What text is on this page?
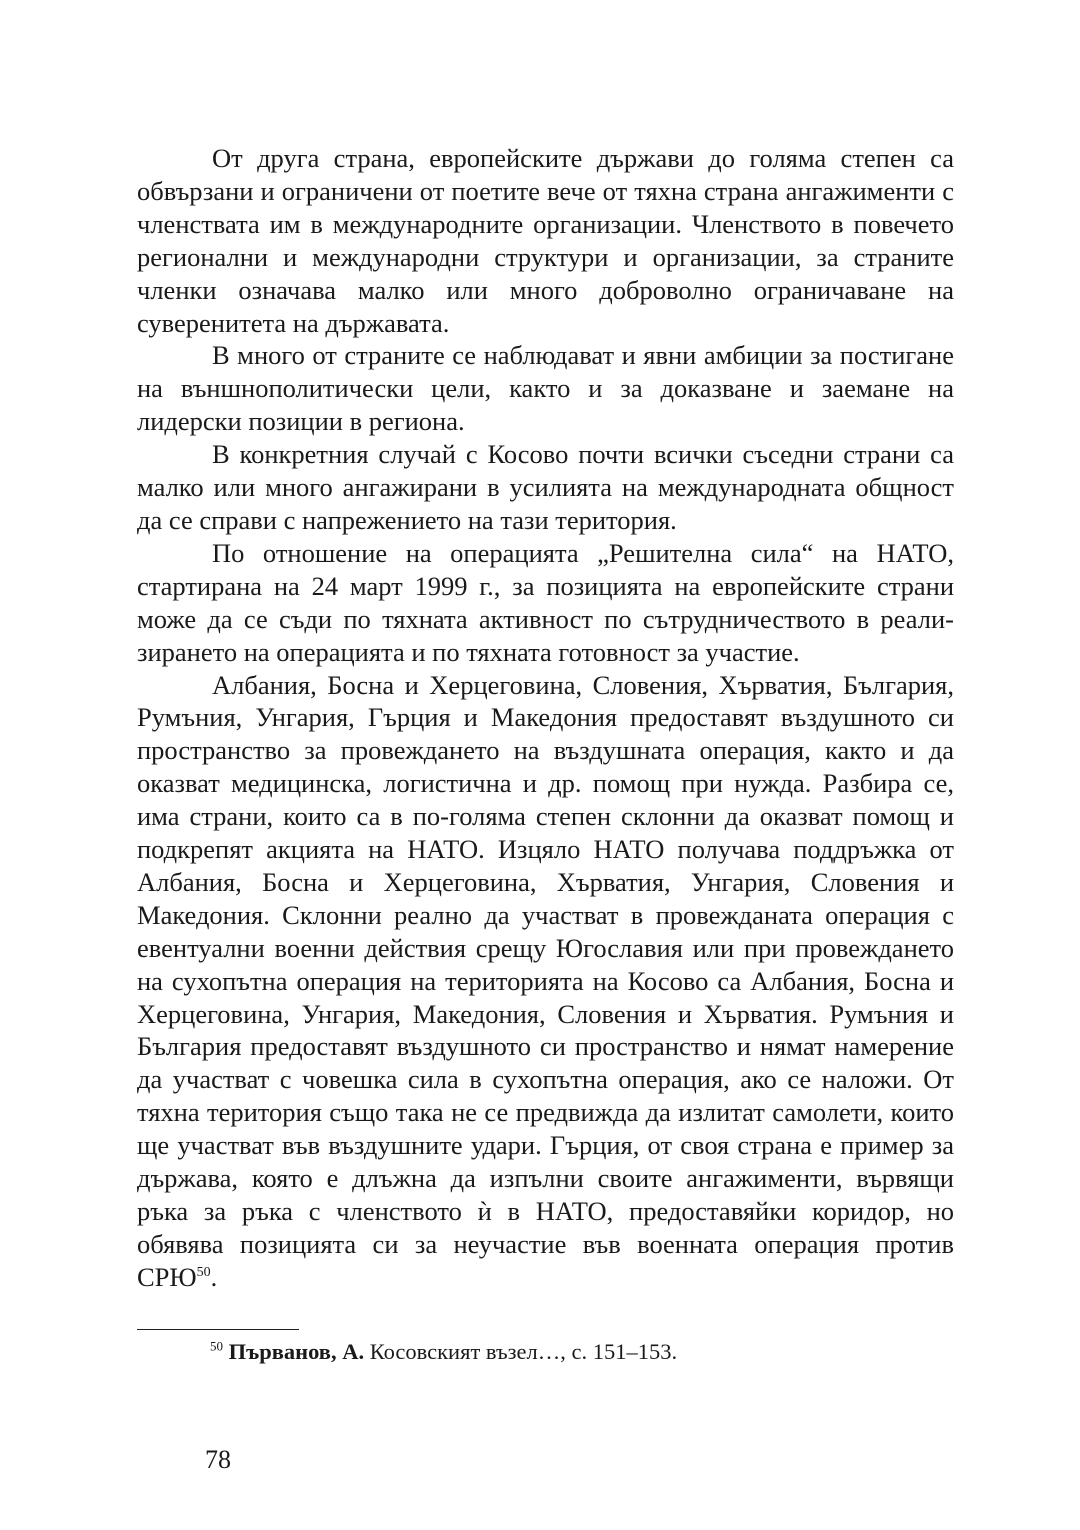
От друга страна, европейските държави до голяма степен са обвързани и ограничени от поетите вече от тяхна страна ангажименти с членствата им в международните организации. Членството в повечето регионални и международни структури и организации, за страните членки означава малко или много доброволно ограничаване на суверенитета на държавата.

В много от страните се наблюдават и явни амбиции за постигане на външнополитически цели, както и за доказване и заемане на лидерски позиции в региона.

В конкретния случай с Косово почти всички съседни страни са малко или много ангажирани в усилията на международната общност да се справи с напрежението на тази територия.

По отношение на операцията „Решителна сила“ на НАТО, стартирана на 24 март 1999 г., за позицията на европейските страни може да се съди по тяхната активност по сътрудничеството в реализирането на операцията и по тяхната готовност за участие.

Албания, Босна и Херцеговина, Словения, Хърватия, България, Румъния, Унгария, Гърция и Македония предоставят въздушното си пространство за провеждането на въздушната операция, както и да оказват медицинска, логистична и др. помощ при нужда. Разбира се, има страни, които са в по-голяма степен склонни да оказват помощ и подкрепят акцията на НАТО. Изцяло НАТО получава поддръжка от Албания, Босна и Херцеговина, Хърватия, Унгария, Словения и Македония. Склонни реално да участват в провежданата операция с евентуални военни действия срещу Югославия или при провеждането на сухопътна операция на територията на Косово са Албания, Босна и Херцеговина, Унгария, Македония, Словения и Хърватия. Румъния и България предоставят въздушното си пространство и нямат намерение да участват с човешка сила в сухопътна операция, ако се наложи. От тяхна територия също така не се предвижда да излитат самолети, които ще участват във въздушните удари. Гърция, от своя страна е пример за държава, която е длъжна да изпълни своите ангажименти, вървящи ръка за ръка с членството ѝ в НАТО, предоставяйки коридор, но обявява позицията си за неучастие във военната операция против СРЮ$^{50}$.

$^{50}$ Първанов, А. Косовският възел…, с. 151–153.
78
